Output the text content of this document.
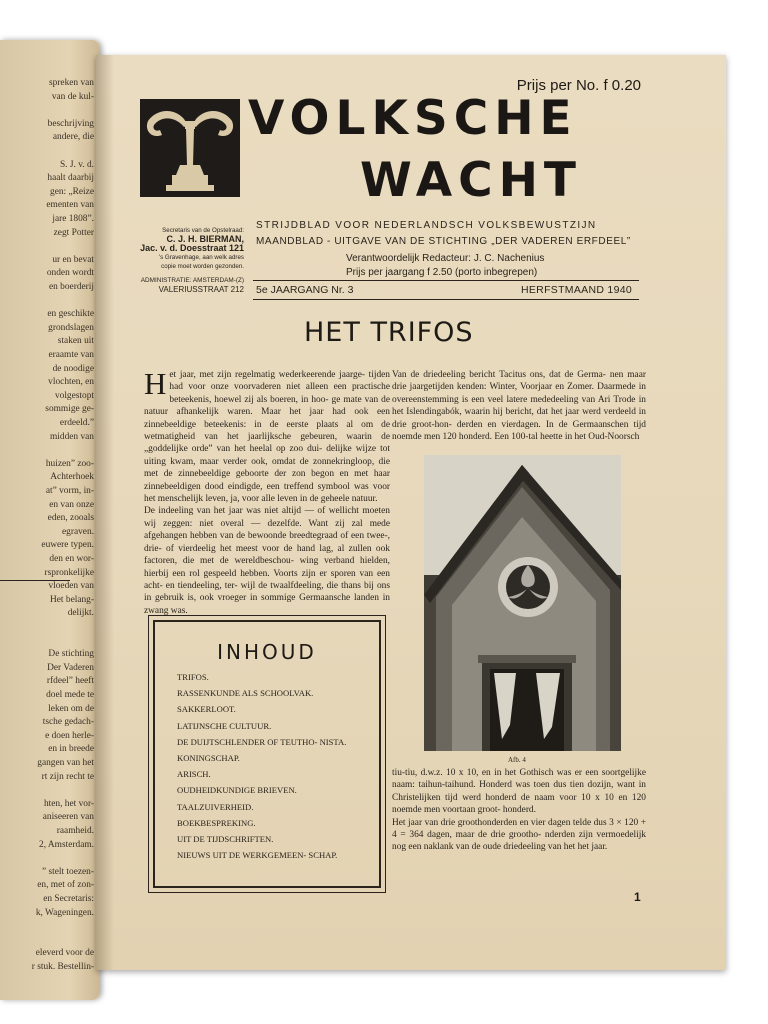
spreken van
van de kul-
beschrijving
andere, die
S. J. v. d.
haalt daarbij
gen: „Reize
ementen van
jare 1808”.
zegt Potter
ur en bevat
onden wordt
en boerderij
en geschikte
grondslagen
staken uit
eraamte van
de noodige
vlochten, en
volgestopt
sommige ge-
erdeeld.”
midden van
huizen” zoo-
Achterhoek
at” vorm, in-
en van onze
eden, zooals
egraven.
euwere typen.
den en wor-
rspronkelijke
vloeden van
Het belang-
delijkt.
De stichting
Der Vaderen
rfdeel” heeft
doel mede te
leken om de
tsche gedach-
e doen herle-
en in breede
gangen van het
rt zijn recht te
hten, het vor-
aniseeren van
raamheid.
2, Amsterdam.
” stelt toezen-
en, met of zon-
en Secretaris:
k, Wageningen.
eleverd voor de
r stuk. Bestellin-
Prijs per No. f 0.20
VOLKSCHE
WACHT
STRIJDBLAD VOOR NEDERLANDSCH VOLKSBEWUSTZIJN
MAANDBLAD - UITGAVE VAN DE STICHTING „DER VADEREN ERFDEEL”
Verantwoordelijk Redacteur: J. C. Nachenius
Prijs per jaargang f 2.50 (porto inbegrepen)
Secretaris van de Opstelraad:
C. J. H. BIERMAN,
Jac. v. d. Doesstraat 121
's Gravenhage, aan welk adres
copie moet worden gezonden.
ADMINISTRATIE: AMSTERDAM-(Z)
VALERIUSSTRAAT 212 5e JAARGANG Nr. 3	HERFSTMAAND 1940
HET TRIFOS

Het jaar, met zijn regelmatig wederkeerende jaarge- tijden had voor onze voorvaderen niet alleen een practische beteekenis, hoewel zij als boeren, in hoo- ge mate van de natuur afhankelijk waren. Maar het jaar had ook een zinnebeeldige beteekenis: in de eerste plaats al om de wetmatigheid van het jaarlijksche gebeuren, waarin de „goddelijke orde” van het heelal op zoo dui- delijke wijze tot uiting kwam, maar verder ook, omdat de zonnekringloop, die met de zinnebeeldige geboorte der zon begon en met haar zinnebeeldigen dood eindigde, een treffend symbool was voor het menschelijk leven, ja, voor alle leven in de geheele natuur.

De indeeling van het jaar was niet altijd — of wellicht moeten wij zeggen: niet overal — dezelfde. Want zij zal mede afgehangen hebben van de bewoonde breedtegraad of een twee-, drie- of vierdeelig het meest voor de hand lag, al zullen ook factoren, die met de wereldbeschou- wing verband hielden, hierbij een rol gespeeld hebben. Voorts zijn er sporen van een acht- en tiendeeling, ter- wijl de twaalfdeeling, die thans bij ons in gebruik is, ook vroeger in sommige Germaansche landen in zwang was.

Van de driedeeling bericht Tacitus ons, dat de Germa- nen maar drie jaargetijden kenden: Winter, Voorjaar en Zomer. Daarmede in overeenstemming is een veel latere mededeeling van Ari Trode in het Islendingabók, waarin hij bericht, dat het jaar werd verdeeld in drie groot-hon- derden en vierdagen. In de Germaanschen tijd noemde men 120 honderd. Een 100-tal heette in het Oud-Noorsch

Afb. 4

tiu-tiu, d.w.z. 10 x 10, en in het Gothisch was er een soortgelijke naam: taihun-taihund. Honderd was toen dus tien dozijn, want in Christelijken tijd werd honderd de naam voor 10 x 10 en 120 noemde men voortaan groot- honderd.

Het jaar van drie groothonderden en vier dagen telde dus 3 × 120 + 4 = 364 dagen, maar de drie grootho- nderden zijn vermoedelijk nog een naklank van de oude driedeeling van het het jaar.

INHOUD
TRIFOS.
RASSENKUNDE ALS SCHOOLVAK.
SAKKERLOOT.
LATIJNSCHE CULTUUR.
DE DUIJTSCHLENDER OF TEUTHO- NISTA.
KONINGSCHAP.
ARISCH.
OUDHEIDKUNDIGE BRIEVEN.
TAALZUIVERHEID.
BOEKBESPREKING.
UIT DE TIJDSCHRIFTEN.
NIEUWS UIT DE WERKGEMEEN- SCHAP.
1
